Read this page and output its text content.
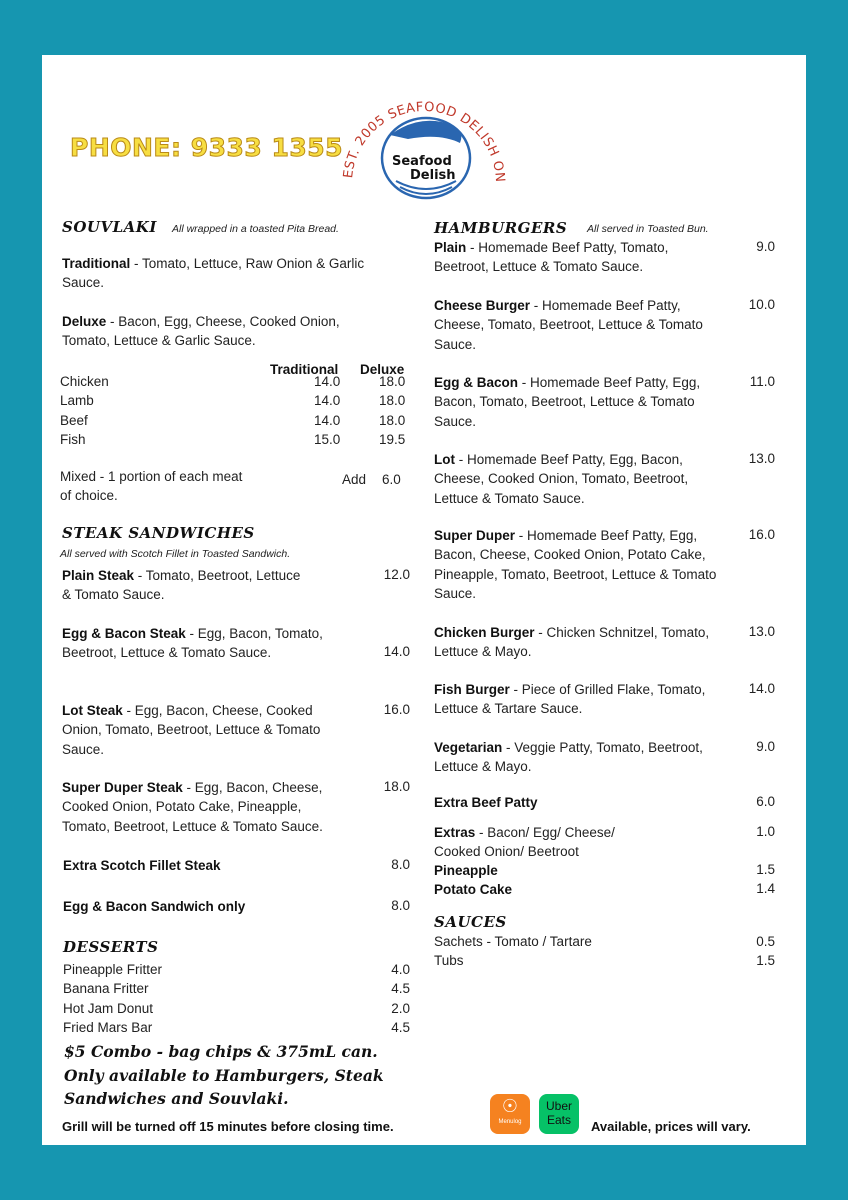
PHONE: 9333 1355
EST. 2005 SEAFOOD DELISH ON
Seafood
Delish
SOUVLAKI All wrapped in a toasted Pita Bread.
Traditional - Tomato, Lettuce, Raw Onion & Garlic Sauce.
Deluxe - Bacon, Egg, Cheese, Cooked Onion, Tomato, Lettuce & Garlic Sauce.
Traditional Deluxe
Chicken	14.0	18.0
Lamb	14.0	18.0
Beef	14.0	18.0
Fish	15.0	19.5
Mixed - 1 portion of each meat of choice.
Add 6.0
STEAK SANDWICHES
All served with Scotch Fillet in Toasted Sandwich.
Plain Steak - Tomato, Beetroot, Lettuce & Tomato Sauce.
12.0
Egg & Bacon Steak - Egg, Bacon, Tomato, Beetroot, Lettuce & Tomato Sauce.	14.0
Lot Steak - Egg, Bacon, Cheese, Cooked Onion, Tomato, Beetroot, Lettuce & Tomato Sauce.
16.0
Super Duper Steak - Egg, Bacon, Cheese, Cooked Onion, Potato Cake, Pineapple, Tomato, Beetroot, Lettuce & Tomato Sauce.
18.0
Extra Scotch Fillet Steak	8.0
Egg & Bacon Sandwich only	8.0
DESSERTS
Pineapple Fritter	4.0
Banana Fritter	4.5
Hot Jam Donut	2.0
Fried Mars Bar	4.5
$5 Combo - bag chips & 375mL can. Only available to Hamburgers, Steak Sandwiches and Souvlaki.
Grill will be turned off 15 minutes before closing time.
HAMBURGERS All served in Toasted Bun.
Plain - Homemade Beef Patty, Tomato, Beetroot, Lettuce & Tomato Sauce.
9.0
Cheese Burger - Homemade Beef Patty, Cheese, Tomato, Beetroot, Lettuce & Tomato Sauce.
10.0
Egg & Bacon - Homemade Beef Patty, Egg, Bacon, Tomato, Beetroot, Lettuce & Tomato Sauce.
11.0
Lot - Homemade Beef Patty, Egg, Bacon, Cheese, Cooked Onion, Tomato, Beetroot, Lettuce & Tomato Sauce.
13.0
Super Duper - Homemade Beef Patty, Egg, Bacon, Cheese, Cooked Onion, Potato Cake, Pineapple, Tomato, Beetroot, Lettuce & Tomato Sauce.
16.0
Chicken Burger - Chicken Schnitzel, Tomato, Lettuce & Mayo.
13.0
Fish Burger - Piece of Grilled Flake, Tomato, Lettuce & Tartare Sauce.
14.0
Vegetarian - Veggie Patty, Tomato, Beetroot, Lettuce & Mayo.
9.0
Extra Beef Patty	6.0
Extras - Bacon/ Egg/ Cheese/ Cooked Onion/ Beetroot
1.0
Pineapple	1.5
Potato Cake	1.4
SAUCES
Sachets - Tomato / Tartare	0.5
Tubs	1.5
☉
Menulog
Uber
Eats	Available, prices will vary.
